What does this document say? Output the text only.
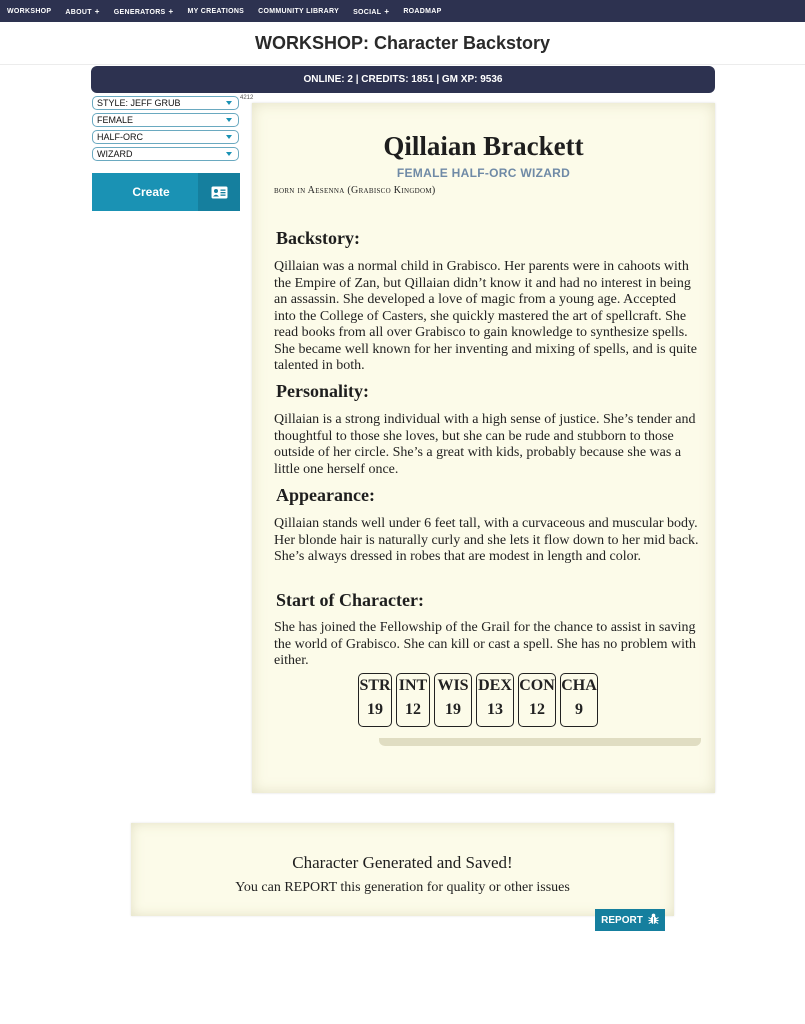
WORKSHOP ABOUT + GENERATORS + MY CREATIONS COMMUNITY LIBRARY SOCIAL + ROADMAP
WORKSHOP: Character Backstory
ONLINE: 2 | CREDITS: 1851 | GM XP: 9536
STYLE: JEFF GRUB
FEMALE
HALF-ORC
WIZARD
4212
Create
Qillaian Brackett
FEMALE HALF-ORC WIZARD
born in Aesenna (Grabisco Kingdom)
Backstory:

Qillaian was a normal child in Grabisco. Her parents were in cahoots with the Empire of Zan, but Qillaian didn’t know it and had no interest in being an assassin. She developed a love of magic from a young age. Accepted into the College of Casters, she quickly mastered the art of spellcraft. She read books from all over Grabisco to gain knowledge to synthesize spells. She became well known for her inventing and mixing of spells, and is quite talented in both.

Personality:

Qillaian is a strong individual with a high sense of justice. She’s tender and thoughtful to those she loves, but she can be rude and stubborn to those outside of her circle. She’s a great with kids, probably because she was a little one herself once.

Appearance:

Qillaian stands well under 6 feet tall, with a curvaceous and muscular body. Her blonde hair is naturally curly and she lets it flow down to her mid back. She’s always dressed in robes that are modest in length and color.

Start of Character:

She has joined the Fellowship of the Grail for the chance to assist in saving the world of Grabisco. She can kill or cast a spell. She has no problem with either.

STR
19
INT
12
WIS
19
DEX
13
CON
12
CHA
9
Character Generated and Saved!
You can REPORT this generation for quality or other issues
REPORT
